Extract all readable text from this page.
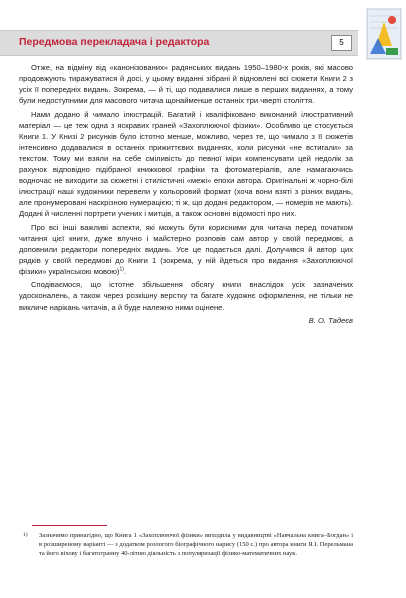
Передмова перекладача і редактора	5

Отже, на відміну від «канонізованих» радянських видань 1950–1980-х років, які масово продовжують тиражуватися й досі, у цьому виданні зібрані й відновлені всі сюжети Книги 2 з усіх її попередніх видань. Зокрема, — й ті, що подавалися лише в перших виданнях, а тому були недоступними для масового читача щонайменше останніх три чверті століття.

Нами додано й чимало ілюстрацій. Багатий і кваліфіковано виконаний ілюстративний матеріал — це теж одна з яскравих граней «Захоплюючої фізики». Особливо це стосується Книги 1. У Книзі 2 рисунків було істотно менше, можливо, через те, що чимало з її сюжетів інтенсивно додавалися в останніх прижиттєвих виданнях, коли рисунки «не встигали» за текстом. Тому ми взяли на себе сміливість до певної міри компенсувати цей недолік за рахунок відповідно підібраної книжкової графіки та фотоматеріалів, але намагаючись водночас не виходити за сюжетні і стилістичні «межі» епохи автора. Оригінальні ж чорно-білі ілюстрації наші художники перевели у кольоровий формат (хоча вони взяті з різних видань, але пронумеровані наскрізною нумерацією; ті ж, що додані редактором, — номерів не мають). Додані й численні портрети учених і митців, а також основні відомості про них.

Про всі інші важливі аспекти, які можуть бути корисними для читача перед початком читання цієї книги, дуже влучно і майстерно розповів сам автор у своїй передмові, а доповнили редактори попередніх видань. Усе це подається далі. Долучився й автор цих рядків у своїй передмові до Книги 1 (зокрема, у ній йдеться про видання «Захоплюючої фізики» українською мовою)$^{1)}$.

Сподіваємося, що істотне збільшення обсягу книги внаслідок усіх зазначених удосконалень, а також через розкішну верстку та багате художнє оформлення, не тільки не викличе нарікань читачів, а й буде належно ними оцінене.

В. О. Тадеєв

1) Зазначимо принагідно, що Книга 1 «Захоплюючої фізики» виходила у видавництві «Навчальна книга–Богдан» і в розширеному варіанті — з додатком розлогого біографічного нарису (150 с.) про автора книги Я.І. Перельмана та його віхову і багатогранну 40-літню діяльність з популяризації фізико-математичних наук.
